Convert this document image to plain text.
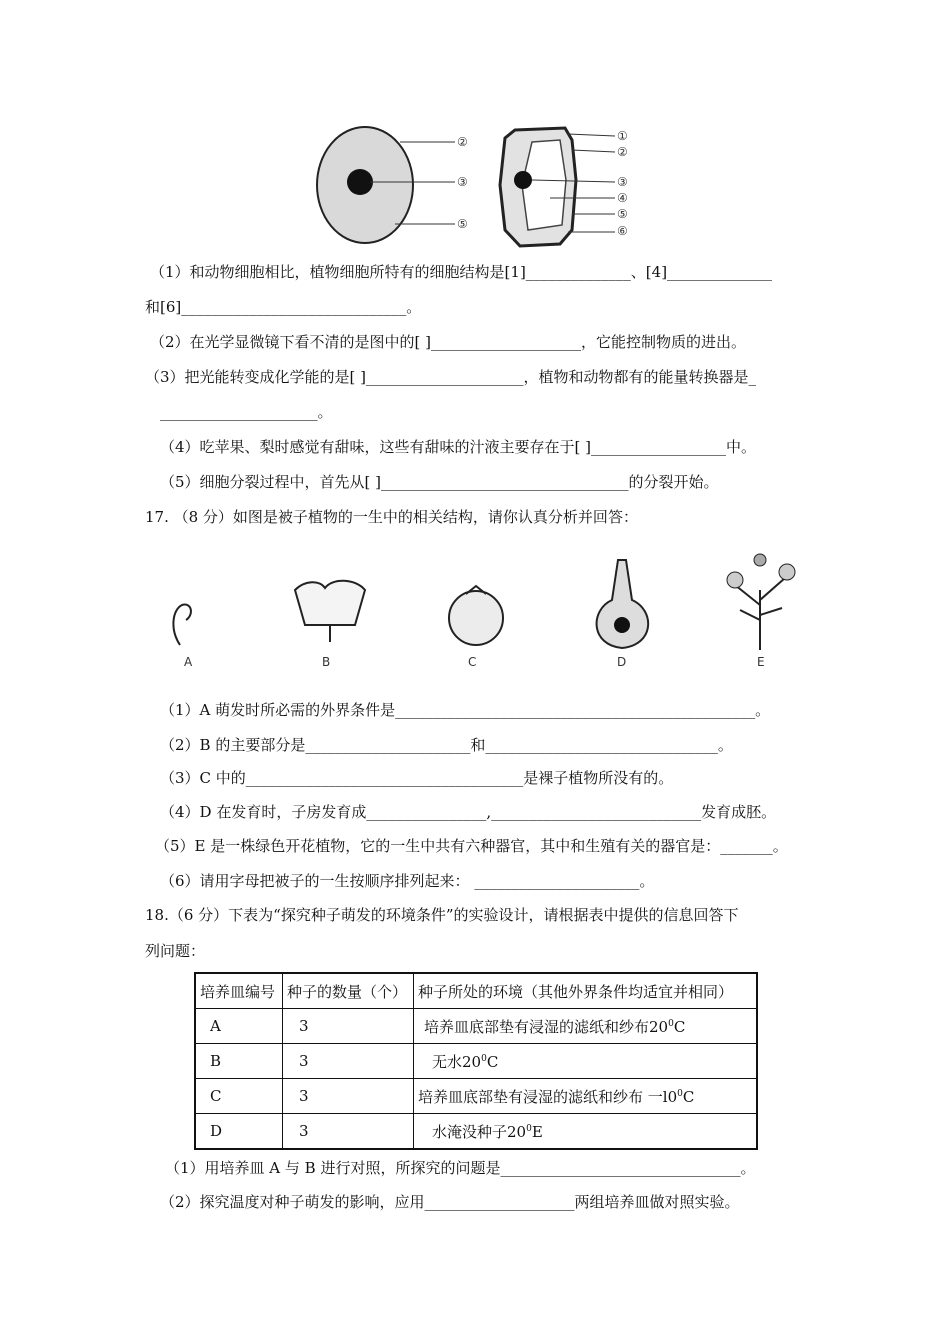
②
③
⑤
①
②
③
④
⑤
⑥
（1）和动物细胞相比，植物细胞所特有的细胞结构是[1]______________、[4]______________
和[6]______________________________。
（2）在光学显微镜下看不清的是图中的[ ]____________________，它能控制物质的进出。
（3）把光能转变成化学能的是[ ]_____________________，植物和动物都有的能量转换器是_
_____________________。
（4）吃苹果、梨时感觉有甜味，这些有甜味的汁液主要存在于[ ]__________________中。
（5）细胞分裂过程中，首先从[ ]_________________________________的分裂开始。
17. （8 分）如图是被子植物的一生中的相关结构，请你认真分析并回答：
A	B	C	D	E
（1）A 萌发时所必需的外界条件是________________________________________________。
（2）B 的主要部分是______________________和_______________________________。
（3）C 中的_____________________________________是裸子植物所没有的。
（4）D 在发育时，子房发育成________________,____________________________发育成胚。
（5）E 是一株绿色开花植物，它的一生中共有六种器官，其中和生殖有关的器官是：_______。
（6）请用字母把被子的一生按顺序排列起来： ______________________。
18.（6 分）下表为“探究种子萌发的环境条件”的实验设计，请根据表中提供的信息回答下
列问题：
培养皿编号	种子的数量（个）	种子所处的环境（其他外界条件均适宜并相同）
A	3	培养皿底部垫有浸湿的滤纸和纱布$20^0C$
B	3	无水$20^0C$
C	3	培养皿底部垫有浸湿的滤纸和纱布 一$l0^0C$
D	3	水淹没种子$20^0E$
（1）用培养皿 A 与 B 进行对照，所探究的问题是________________________________。
（2）探究温度对种子萌发的影响，应用____________________两组培养皿做对照实验。
